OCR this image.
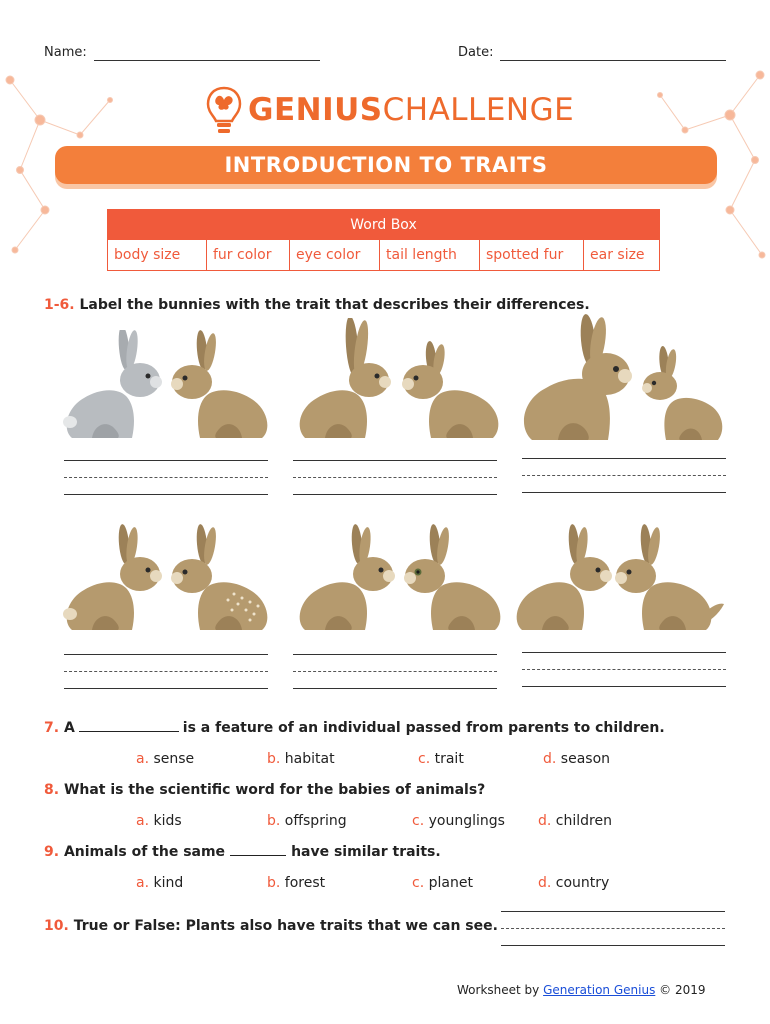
Name:	Date:
GENIUSCHALLENGE
INTRODUCTION TO TRAITS
Word Box
body size	fur color	eye color	tail length	spotted fur	ear size
1-6. Label the bunnies with the trait that describes their differences.
7. A	is a feature of an individual passed from parents to children.
a. sense	b. habitat	c. trait	d. season
8. What is the scientific word for the babies of animals?
a. kids	b. offspring	c. younglings d. children
9. Animals of the same	have similar traits.
a. kind	b. forest	c. planet	d. country
10. True or False: Plants also have traits that we can see.
Worksheet by Generation Genius © 2019
